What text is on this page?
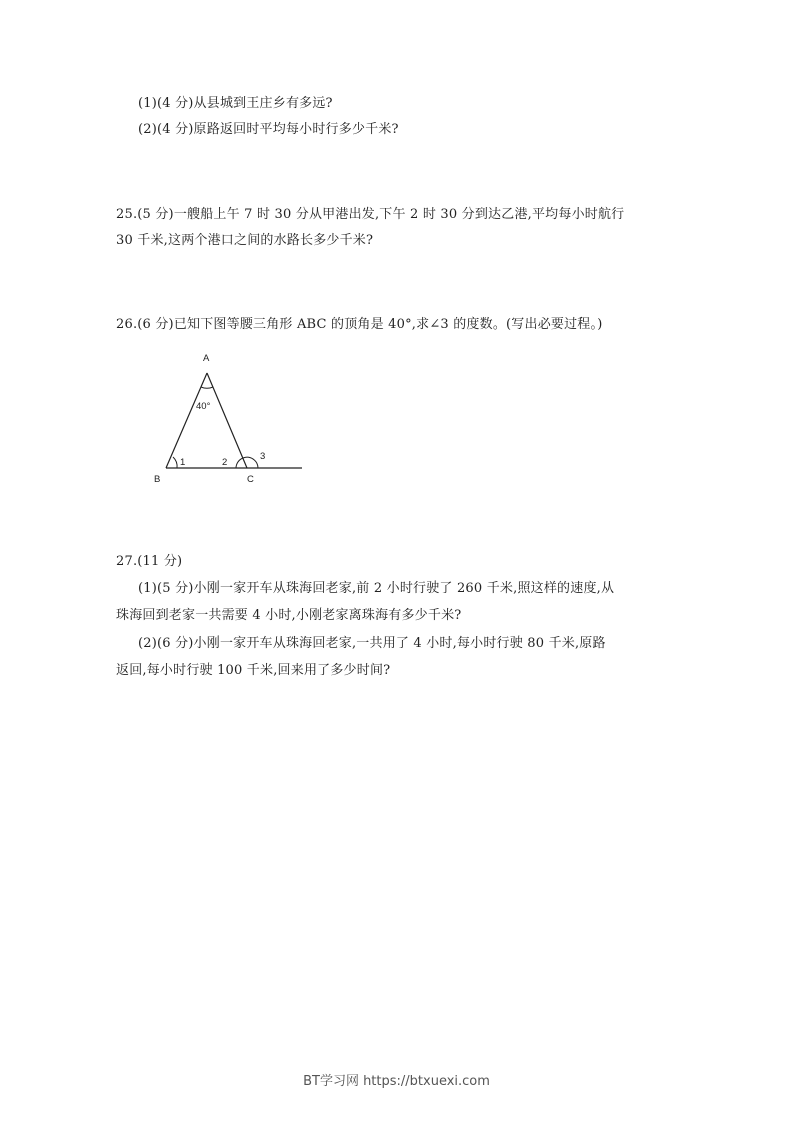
(1)(4 分)从县城到王庄乡有多远?
(2)(4 分)原路返回时平均每小时行多少千米?
25.(5 分)一艘船上午 7 时 30 分从甲港出发,下午 2 时 30 分到达乙港,平均每小时航行
30 千米,这两个港口之间的水路长多少千米?
26.(6 分)已知下图等腰三角形 ABC 的顶角是 40°,求∠3 的度数。(写出必要过程。)
A
B	C
40°
1	2
3
27.(11 分)
(1)(5 分)小刚一家开车从珠海回老家,前 2 小时行驶了 260 千米,照这样的速度,从
珠海回到老家一共需要 4 小时,小刚老家离珠海有多少千米?
(2)(6 分)小刚一家开车从珠海回老家,一共用了 4 小时,每小时行驶 80 千米,原路
返回,每小时行驶 100 千米,回来用了多少时间?
BT学习网 https://btxuexi.com
